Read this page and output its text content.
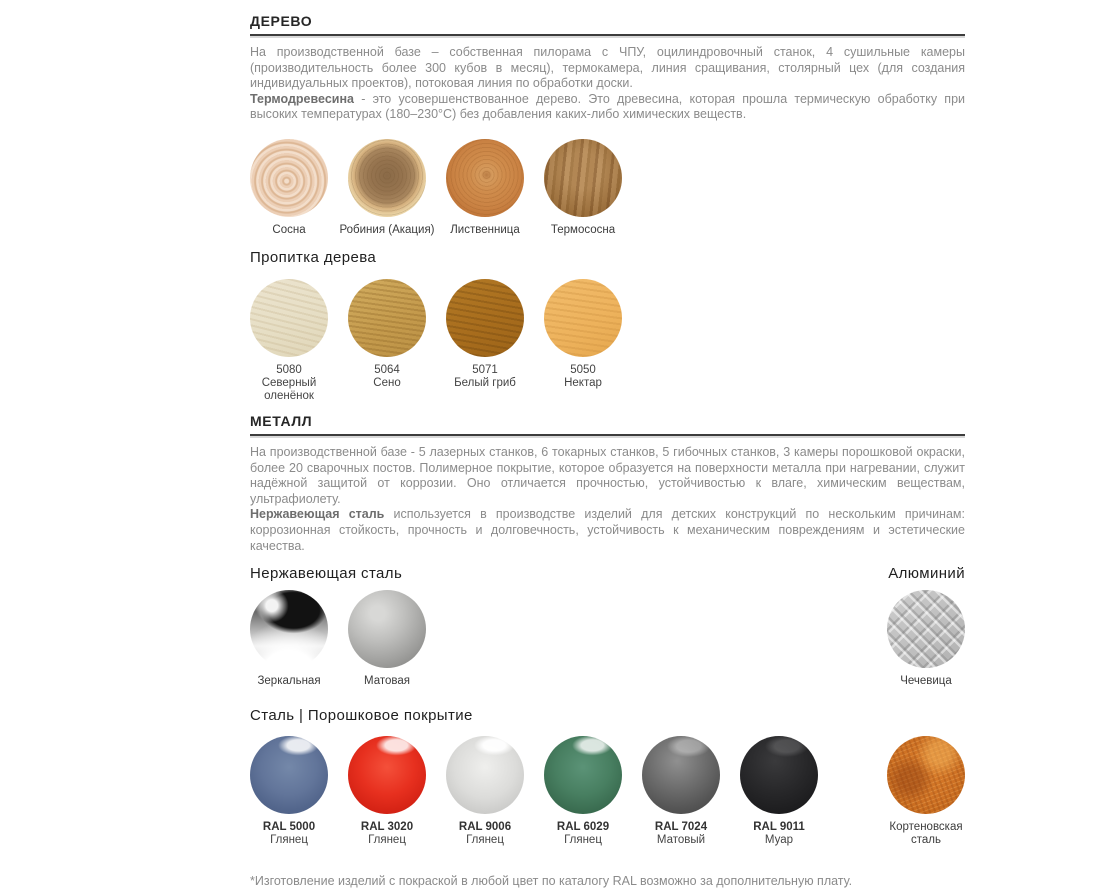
ДЕРЕВО

На производственной базе – собственная пилорама с ЧПУ, оцилиндровочный станок, 4 сушильные камеры (производительность более 300 кубов в месяц), термокамера, линия сращивания, столярный цех (для создания индивидуальных проектов), потоковая линия по обработки доски.

Термодревесина - это усовершенствованное дерево. Это древесина, которая прошла термическую обработку при высоких температурах (180–230°C) без добавления каких-либо химических веществ.

Сосна	Робиния (Акация)	Лиственница	Термососна
Пропитка дерева
5080
Северный оленёнок
5064
Сено
5071
Белый гриб
5050
Нектар
МЕТАЛЛ

На производственной базе - 5 лазерных станков, 6 токарных станков, 5 гибочных станков, 3 камеры порошковой окраски, более 20 сварочных постов. Полимерное покрытие, которое образуется на поверхности металла при нагревании, служит надёжной защитой от коррозии. Оно отличается прочностью, устойчивостью к влаге, химическим веществам, ультрафиолету.

Нержавеющая сталь используется в производстве изделий для детских конструкций по нескольким причинам: коррозионная стойкость, прочность и долговечность, устойчивость к механическим повреждениям и эстетические качества.

Нержавеющая сталь	Алюминий
Зеркальная	Матовая	Чечевица
Сталь | Порошковое покрытие
RAL 5000
Глянец
RAL 3020
Глянец
RAL 9006
Глянец
RAL 6029
Глянец
RAL 7024
Матовый
RAL 9011
Муар
Кортеновская сталь
*Изготовление изделий с покраской в любой цвет по каталогу RAL возможно за дополнительную плату.
